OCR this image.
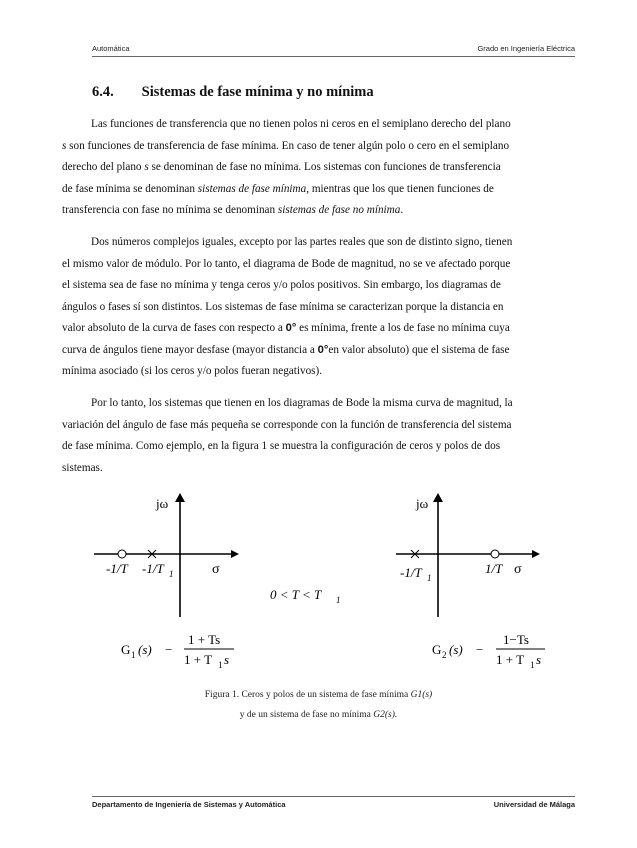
Automática	Grado en Ingeniería Eléctrica
6.4. Sistemas de fase mínima y no mínima
Las funciones de transferencia que no tienen polos ni ceros en el semiplano derecho del plano
s son funciones de transferencia de fase mínima. En caso de tener algún polo o cero en el semiplano
derecho del plano s se denominan de fase no mínima. Los sistemas con funciones de transferencia
de fase mínima se denominan sistemas de fase mínima, mientras que los que tienen funciones de
transferencia con fase no mínima se denominan sistemas de fase no mínima.
Dos números complejos iguales, excepto por las partes reales que son de distinto signo, tienen
el mismo valor de módulo. Por lo tanto, el diagrama de Bode de magnitud, no se ve afectado porque
el sistema sea de fase no mínima y tenga ceros y/o polos positivos. Sin embargo, los diagramas de
ángulos o fases sí son distintos. Los sistemas de fase mínima se caracterizan porque la distancia en
valor absoluto de la curva de fases con respecto a 0° es mínima, frente a los de fase no mínima cuya
curva de ángulos tiene mayor desfase (mayor distancia a 0°en valor absoluto) que el sistema de fase
mínima asociado (si los ceros y/o polos fueran negativos).
Por lo tanto, los sistemas que tienen en los diagramas de Bode la misma curva de magnitud, la
variación del ángulo de fase más pequeña se corresponde con la función de transferencia del sistema
de fase mínima. Como ejemplo, en la figura 1 se muestra la configuración de ceros y polos de dos
sistemas.
jω
σ
-1/T -1/T 1
jω
σ
-1/T 1
1/T
0 < T < T 1
G 1 (s) −
1 + Ts
1 + T 1 s
G 2 (s) −
1−Ts
1 + T 1 s
Figura 1. Ceros y polos de un sistema de fase mínima G1(s)
y de un sistema de fase no mínima G2(s).
Departamento de Ingeniería de Sistemas y Automática	Universidad de Málaga
